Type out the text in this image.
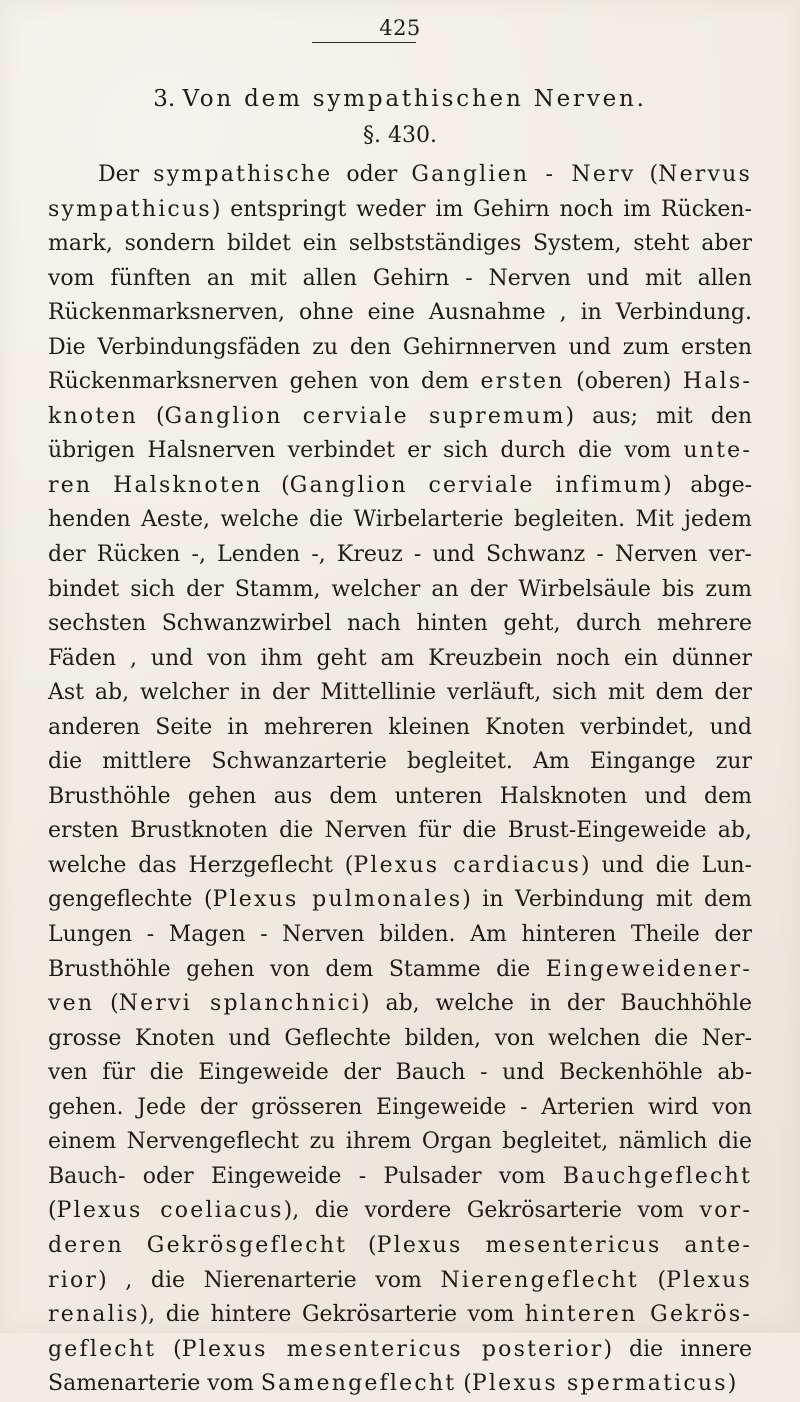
425
3. Von dem sympathischen Nerven.
§. 430.
Der sympathische oder Ganglien - Nerv (Nervus
sympathicus) entspringt weder im Gehirn noch im Rücken-
mark, sondern bildet ein selbstständiges System, steht aber
vom fünften an mit allen Gehirn - Nerven und mit allen
Rückenmarksnerven, ohne eine Ausnahme , in Verbindung.
Die Verbindungsfäden zu den Gehirnnerven und zum ersten
Rückenmarksnerven gehen von dem ersten (oberen) Hals-
knoten (Ganglion cerviale supremum) aus; mit den
übrigen Halsnerven verbindet er sich durch die vom unte-
ren Halsknoten (Ganglion cerviale infimum) abge-
henden Aeste, welche die Wirbelarterie begleiten. Mit jedem
der Rücken -, Lenden -, Kreuz - und Schwanz - Nerven ver-
bindet sich der Stamm, welcher an der Wirbelsäule bis zum
sechsten Schwanzwirbel nach hinten geht, durch mehrere
Fäden , und von ihm geht am Kreuzbein noch ein dünner
Ast ab, welcher in der Mittellinie verläuft, sich mit dem der
anderen Seite in mehreren kleinen Knoten verbindet, und
die mittlere Schwanzarterie begleitet. Am Eingange zur
Brusthöhle gehen aus dem unteren Halsknoten und dem
ersten Brustknoten die Nerven für die Brust-Eingeweide ab,
welche das Herzgeflecht (Plexus cardiacus) und die Lun-
gengeflechte (Plexus pulmonales) in Verbindung mit dem
Lungen - Magen - Nerven bilden. Am hinteren Theile der
Brusthöhle gehen von dem Stamme die Eingeweidener-
ven (Nervi splanchnici) ab, welche in der Bauchhöhle
grosse Knoten und Geflechte bilden, von welchen die Ner-
ven für die Eingeweide der Bauch - und Beckenhöhle ab-
gehen. Jede der grösseren Eingeweide - Arterien wird von
einem Nervengeflecht zu ihrem Organ begleitet, nämlich die
Bauch- oder Eingeweide - Pulsader vom Bauchgeflecht
(Plexus coeliacus), die vordere Gekrösarterie vom vor-
deren Gekrösgeflecht (Plexus mesentericus ante-
rior) , die Nierenarterie vom Nierengeflecht (Plexus
renalis), die hintere Gekrösarterie vom hinteren Gekrös-
geflecht (Plexus mesentericus posterior) die innere
Samenarterie vom Samengeflecht (Plexus spermaticus)
